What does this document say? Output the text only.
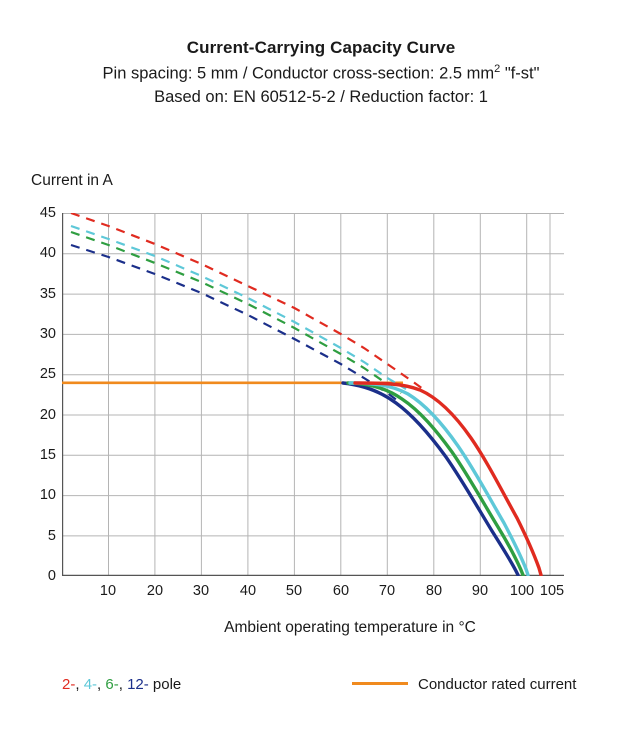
Current-Carrying Capacity Curve
Pin spacing: 5 mm / Conductor cross-section: 2.5 $mm^2$ "f-st"
Based on: EN 60512-5-2 / Reduction factor: 1
Current in A
45
40
35
30
25
20
15
10
5
0
10	20	30	40	50	60	70	80	90	100 105
Ambient operating temperature in °C
2-, 4-, 6-, 12- pole	Conductor rated current
